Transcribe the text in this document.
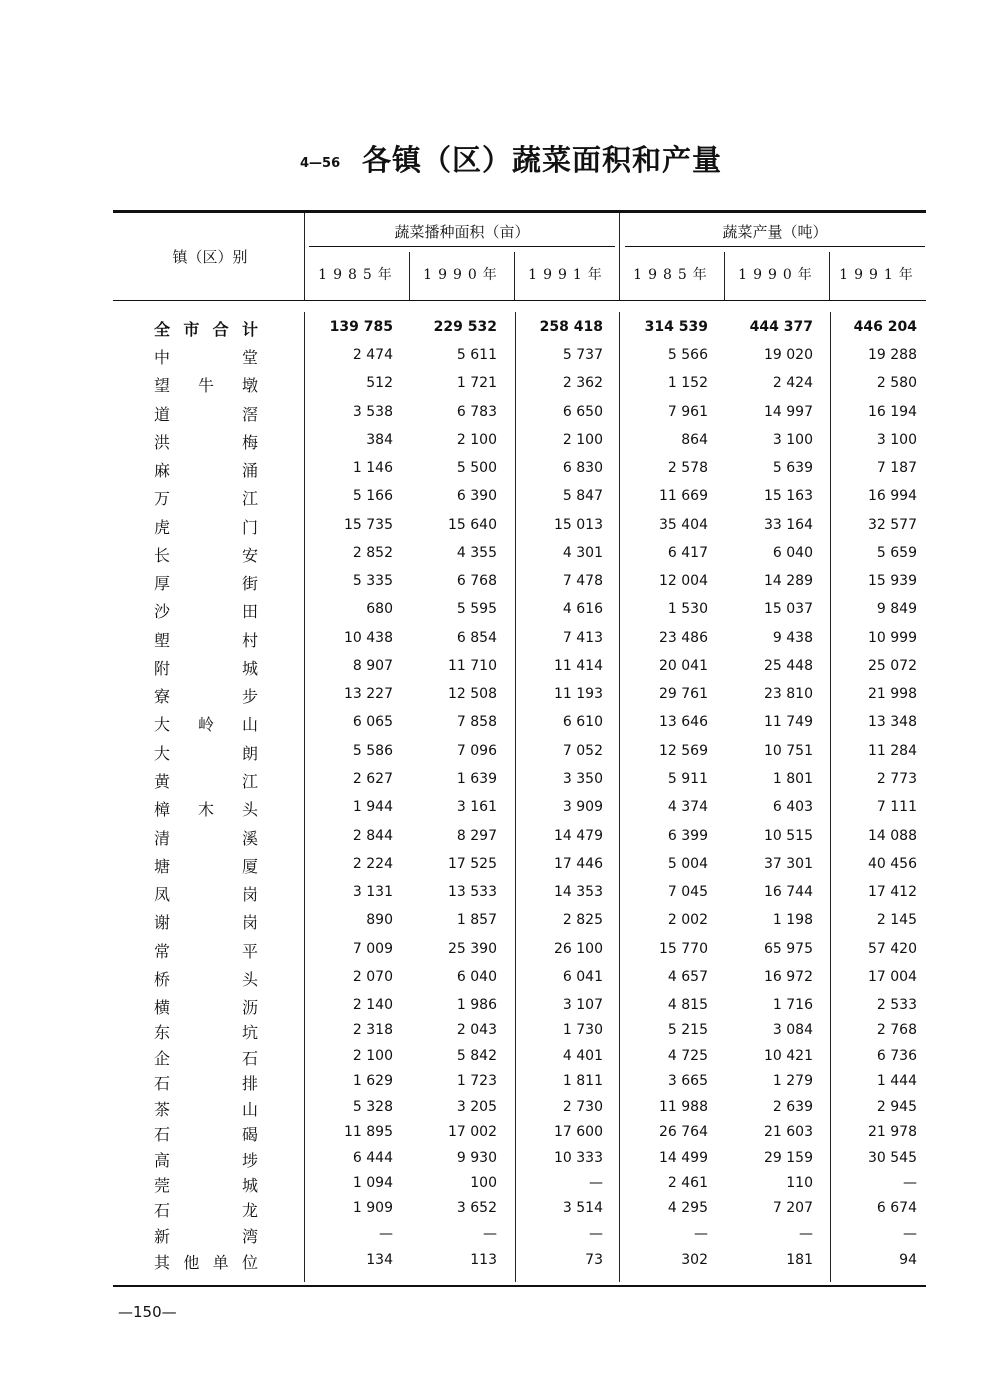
4—56 各镇（区）蔬菜面积和产量
镇（区）别
蔬菜播种面积（亩）	蔬菜产量（吨）
1985年	1990年	1991年	1985年	1990年	1991年
全 市 合 计	139 785	229 532	258 418	314 539	444 377	446 204
中	堂	2 474	5 611	5 737	5 566	19 020	19 288
望 牛 墩	512	1 721	2 362	1 152	2 424	2 580
道	滘	3 538	6 783	6 650	7 961	14 997	16 194
洪	梅	384	2 100	2 100	864	3 100	3 100
麻	涌	1 146	5 500	6 830	2 578	5 639	7 187
万	江	5 166	6 390	5 847	11 669	15 163	16 994
虎	门	15 735	15 640	15 013	35 404	33 164	32 577
长	安	2 852	4 355	4 301	6 417	6 040	5 659
厚	街	5 335	6 768	7 478	12 004	14 289	15 939
沙	田	680	5 595	4 616	1 530	15 037	9 849
塱	村	10 438	6 854	7 413	23 486	9 438	10 999
附	城	8 907	11 710	11 414	20 041	25 448	25 072
寮	步	13 227	12 508	11 193	29 761	23 810	21 998
大 岭 山	6 065	7 858	6 610	13 646	11 749	13 348
大	朗	5 586	7 096	7 052	12 569	10 751	11 284
黄	江	2 627	1 639	3 350	5 911	1 801	2 773
樟 木 头	1 944	3 161	3 909	4 374	6 403	7 111
清	溪	2 844	8 297	14 479	6 399	10 515	14 088
塘	厦	2 224	17 525	17 446	5 004	37 301	40 456
凤	岗	3 131	13 533	14 353	7 045	16 744	17 412
谢	岗	890	1 857	2 825	2 002	1 198	2 145
常	平	7 009	25 390	26 100	15 770	65 975	57 420
桥	头	2 070	6 040	6 041	4 657	16 972	17 004
横	沥	2 140	1 986	3 107	4 815	1 716	2 533
东	坑	2 318	2 043	1 730	5 215	3 084	2 768
企	石	2 100	5 842	4 401	4 725	10 421	6 736
石	排	1 629	1 723	1 811	3 665	1 279	1 444
茶	山	5 328	3 205	2 730	11 988	2 639	2 945
石	碣	11 895	17 002	17 600	26 764	21 603	21 978
高	埗	6 444	9 930	10 333	14 499	29 159	30 545
莞	城	1 094	100	—	2 461	110	—
石	龙	1 909	3 652	3 514	4 295	7 207	6 674
新	湾	—	—	—	—	—	—
其 他 单 位	134	113	73	302	181	94
—150—
